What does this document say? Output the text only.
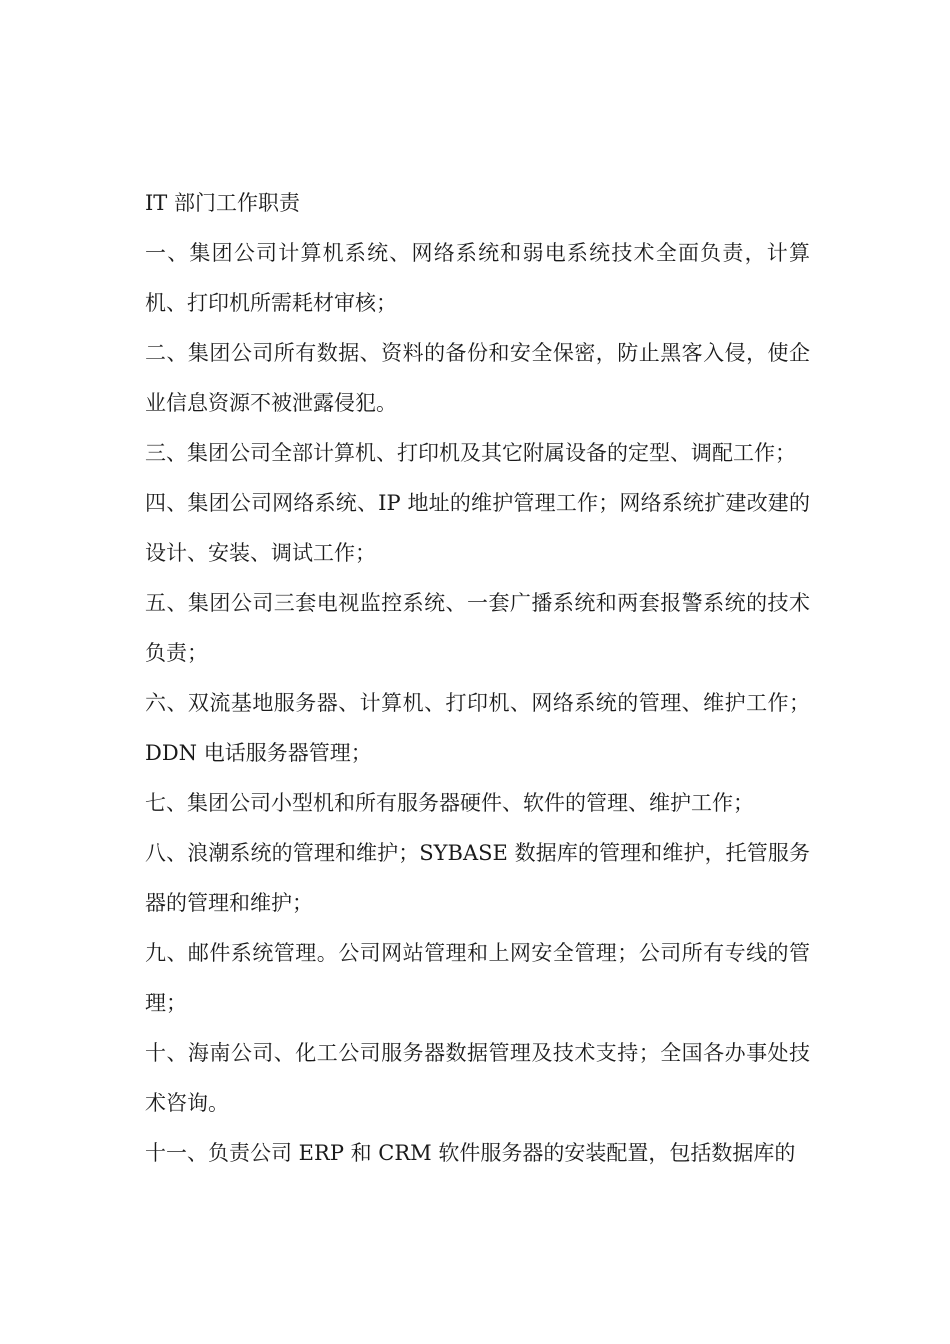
IT 部门工作职责

一、集团公司计算机系统、网络系统和弱电系统技术全面负责，计算机、打印机所需耗材审核；

二、集团公司所有数据、资料的备份和安全保密，防止黑客入侵，使企业信息资源不被泄露侵犯。

三、集团公司全部计算机、打印机及其它附属设备的定型、调配工作；

四、集团公司网络系统、IP 地址的维护管理工作；网络系统扩建改建的设计、安装、调试工作；

五、集团公司三套电视监控系统、一套广播系统和两套报警系统的技术负责；

六、双流基地服务器、计算机、打印机、网络系统的管理、维护工作；DDN 电话服务器管理；

七、集团公司小型机和所有服务器硬件、软件的管理、维护工作；

八、浪潮系统的管理和维护；SYBASE 数据库的管理和维护，托管服务器的管理和维护；

九、邮件系统管理。公司网站管理和上网安全管理；公司所有专线的管理；

十、海南公司、化工公司服务器数据管理及技术支持；全国各办事处技术咨询。

十一、负责公司 ERP 和 CRM 软件服务器的安装配置，包括数据库的
